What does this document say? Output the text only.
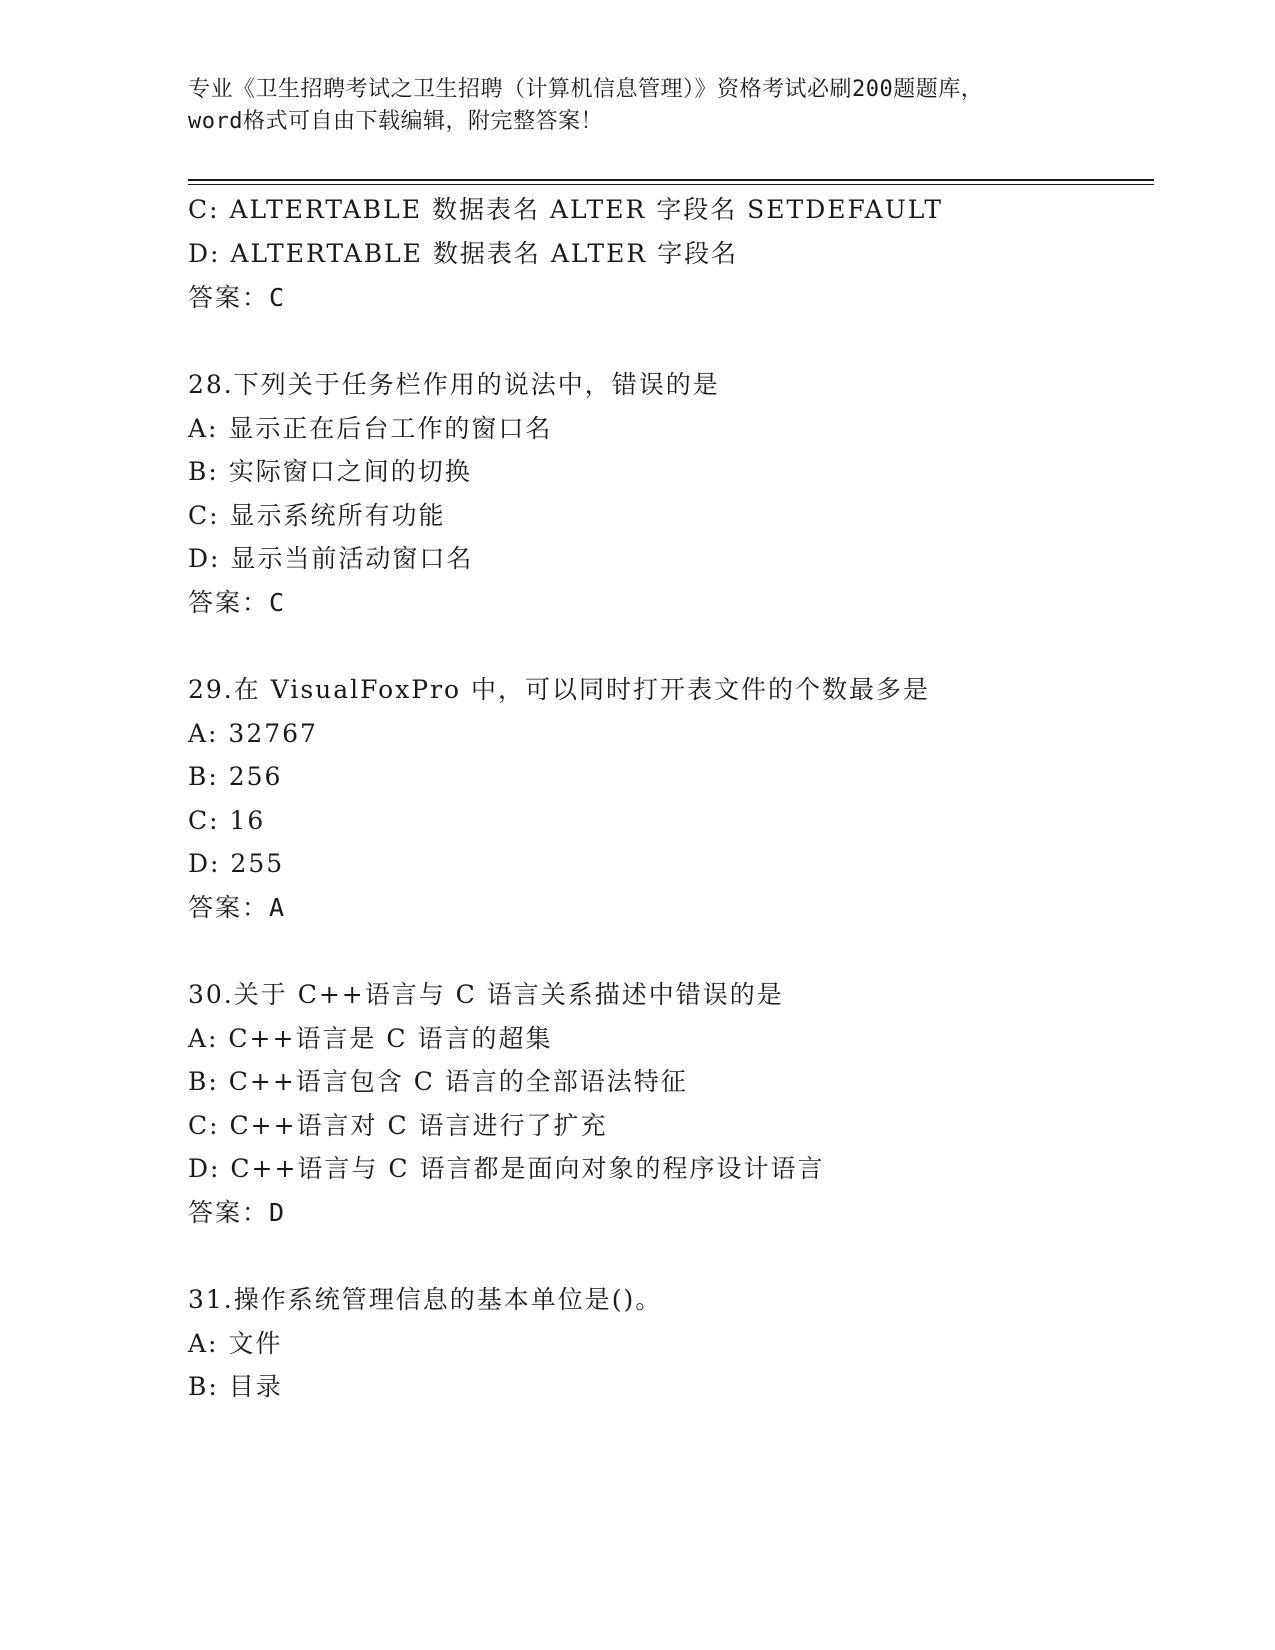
专业《卫生招聘考试之卫生招聘（计算机信息管理）》资格考试必刷200题题库，
word格式可自由下载编辑，附完整答案！
C: ALTERTABLE 数据表名 ALTER 字段名 SETDEFAULT
D: ALTERTABLE 数据表名 ALTER 字段名
答案：C
28.下列关于任务栏作用的说法中，错误的是
A: 显示正在后台工作的窗口名
B: 实际窗口之间的切换
C: 显示系统所有功能
D: 显示当前活动窗口名
答案：C
29.在 VisualFoxPro 中，可以同时打开表文件的个数最多是
A: 32767
B: 256
C: 16
D: 255
答案：A
30.关于 C++语言与 C 语言关系描述中错误的是
A: C++语言是 C 语言的超集
B: C++语言包含 C 语言的全部语法特征
C: C++语言对 C 语言进行了扩充
D: C++语言与 C 语言都是面向对象的程序设计语言
答案：D
31.操作系统管理信息的基本单位是()。
A: 文件
B: 目录
